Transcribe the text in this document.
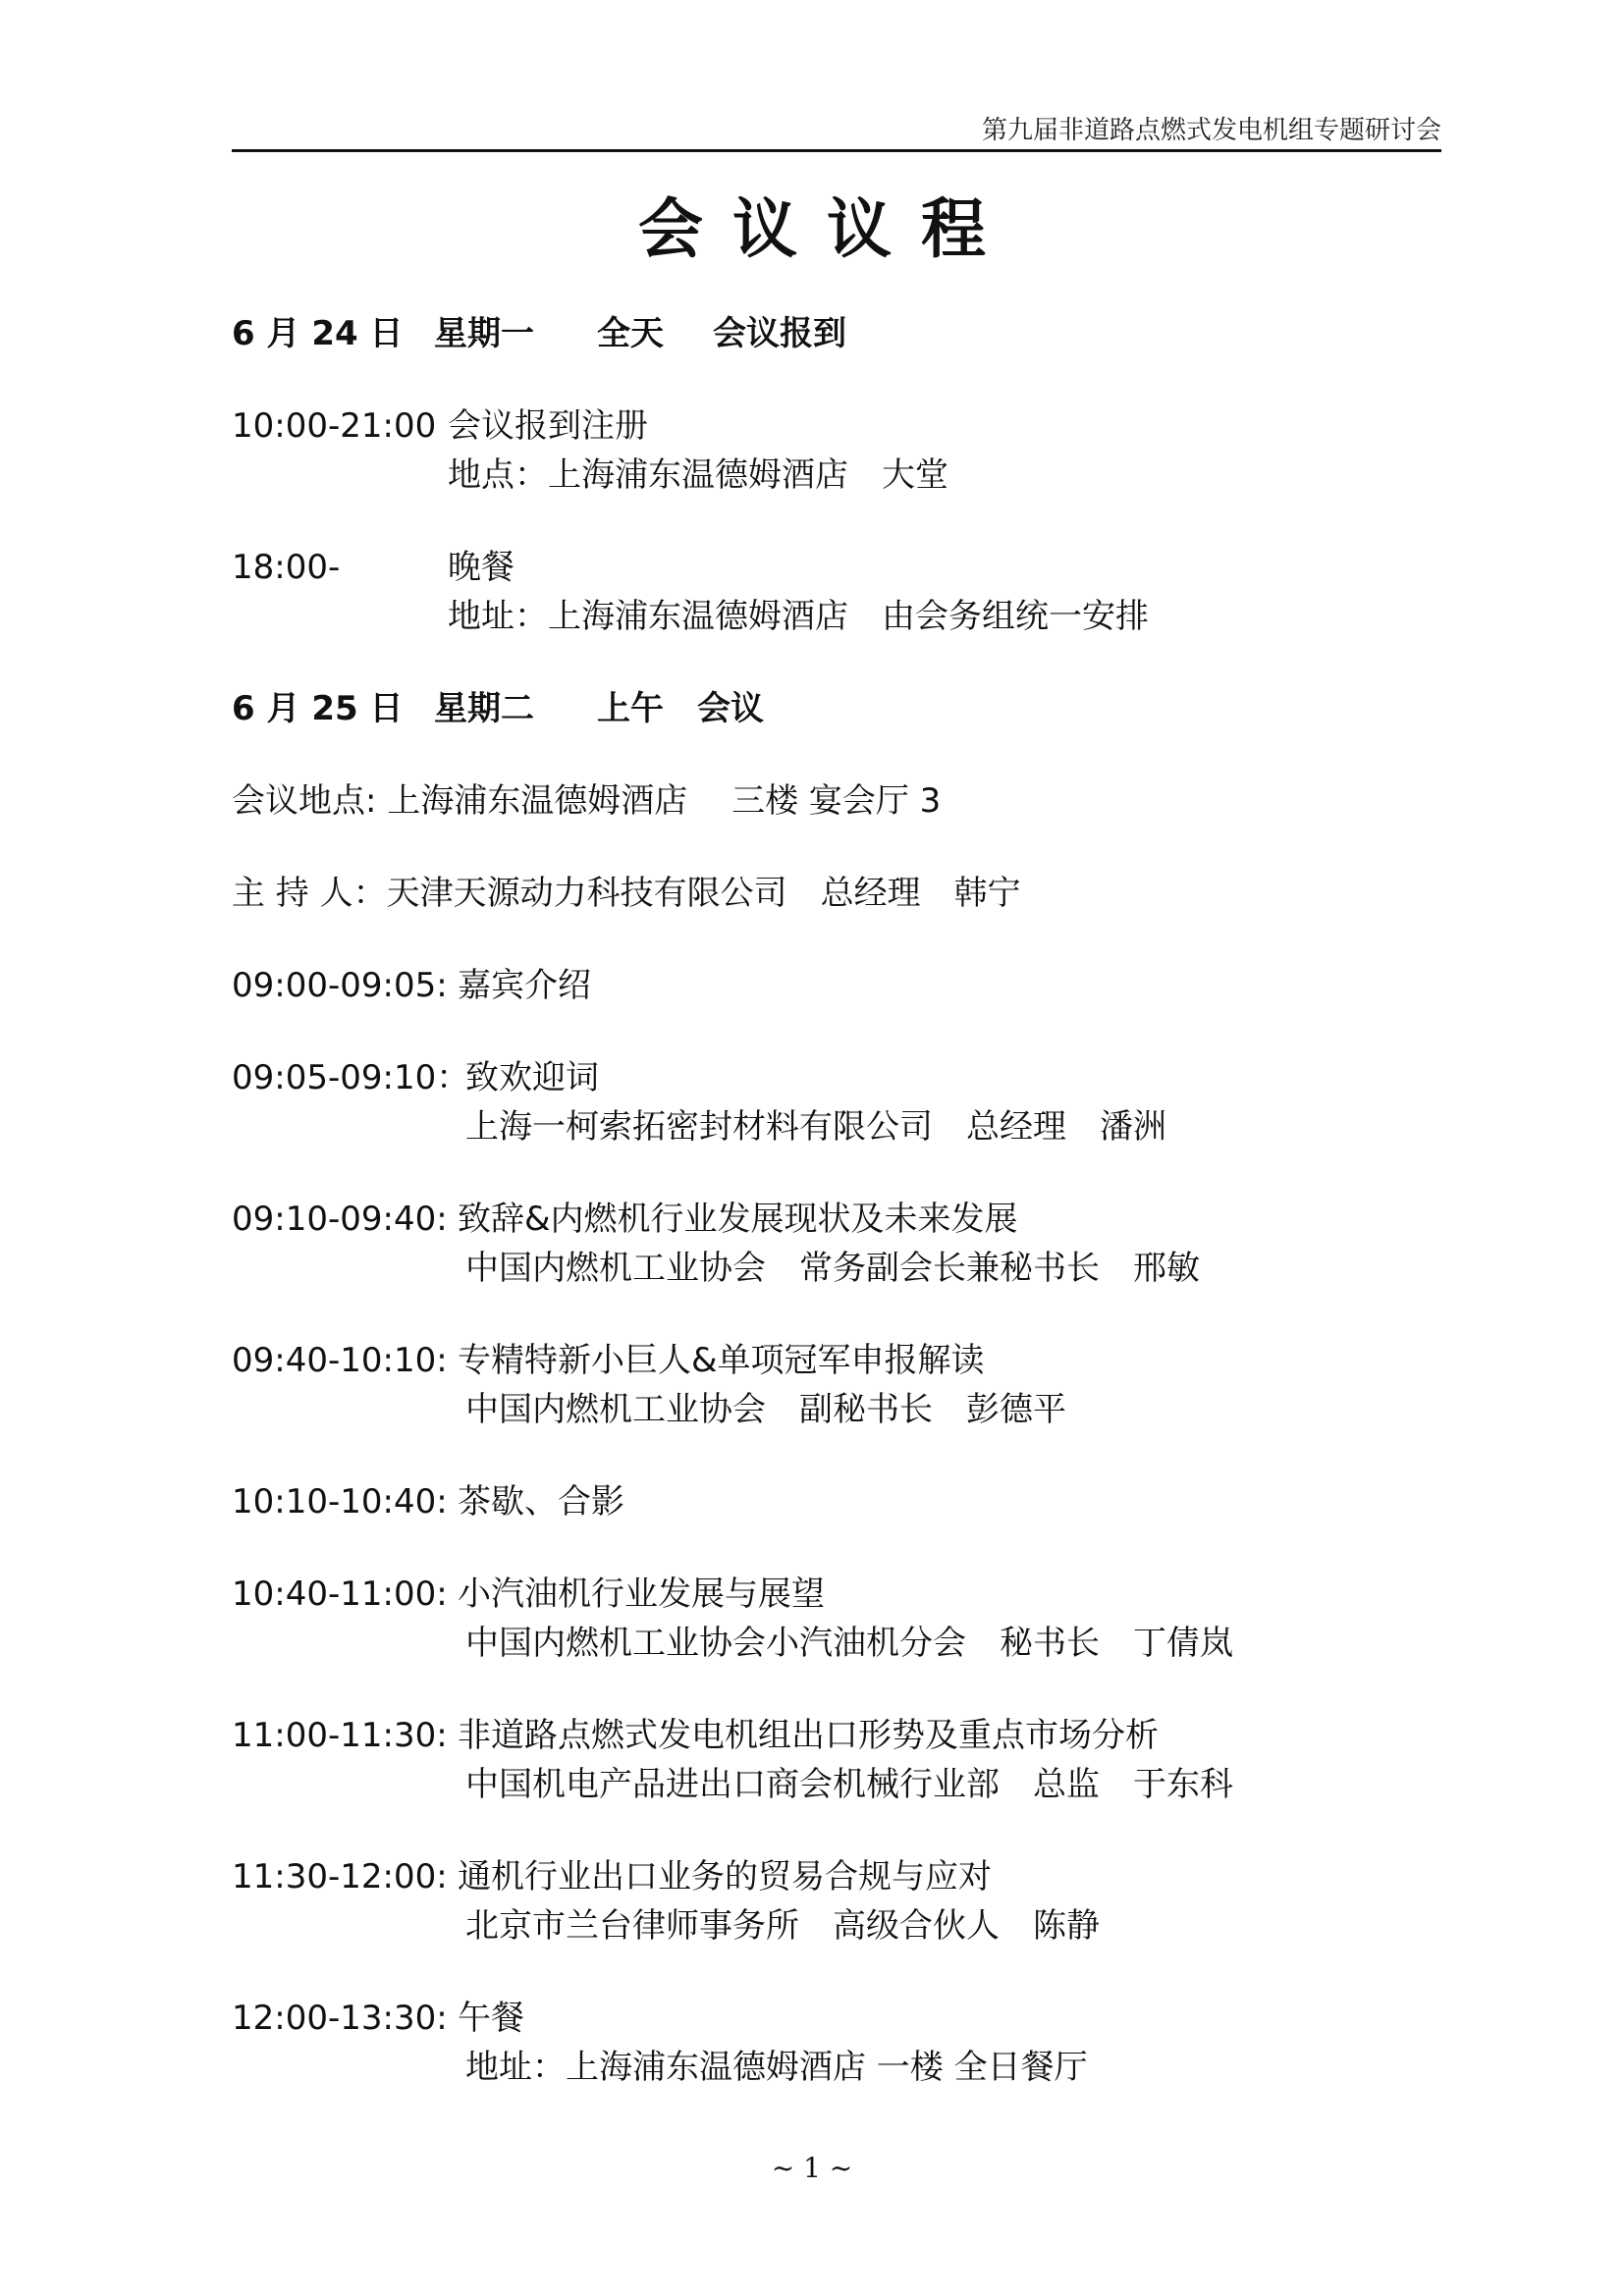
第九届非道路点燃式发电机组专题研讨会
会议议程
6 月 24 日 星期一 全天 会议报到
10:00-21:00 会议报到注册
地点：上海浦东温德姆酒店　大堂
18:00-	晚餐
地址：上海浦东温德姆酒店　由会务组统一安排
6 月 25 日 星期二 上午 会议
会议地点: 上海浦东温德姆酒店　 三楼 宴会厅 3
主 持 人：天津天源动力科技有限公司　总经理　韩宁
09:00-09:05: 嘉宾介绍
09:05-09:10：
致欢迎词
上海一柯索拓密封材料有限公司　总经理　潘洲
09:10-09:40: 致辞&内燃机行业发展现状及未来发展
中国内燃机工业协会　常务副会长兼秘书长　邢敏
09:40-10:10: 专精特新小巨人&单项冠军申报解读
中国内燃机工业协会　副秘书长　彭德平
10:10-10:40: 茶歇、合影
10:40-11:00: 小汽油机行业发展与展望
中国内燃机工业协会小汽油机分会　秘书长　丁倩岚
11:00-11:30: 非道路点燃式发电机组出口形势及重点市场分析
中国机电产品进出口商会机械行业部　总监　于东科
11:30-12:00: 通机行业出口业务的贸易合规与应对
北京市兰台律师事务所　高级合伙人　陈静
12:00-13:30: 午餐
地址：上海浦东温德姆酒店 一楼 全日餐厅
~ 1 ~
